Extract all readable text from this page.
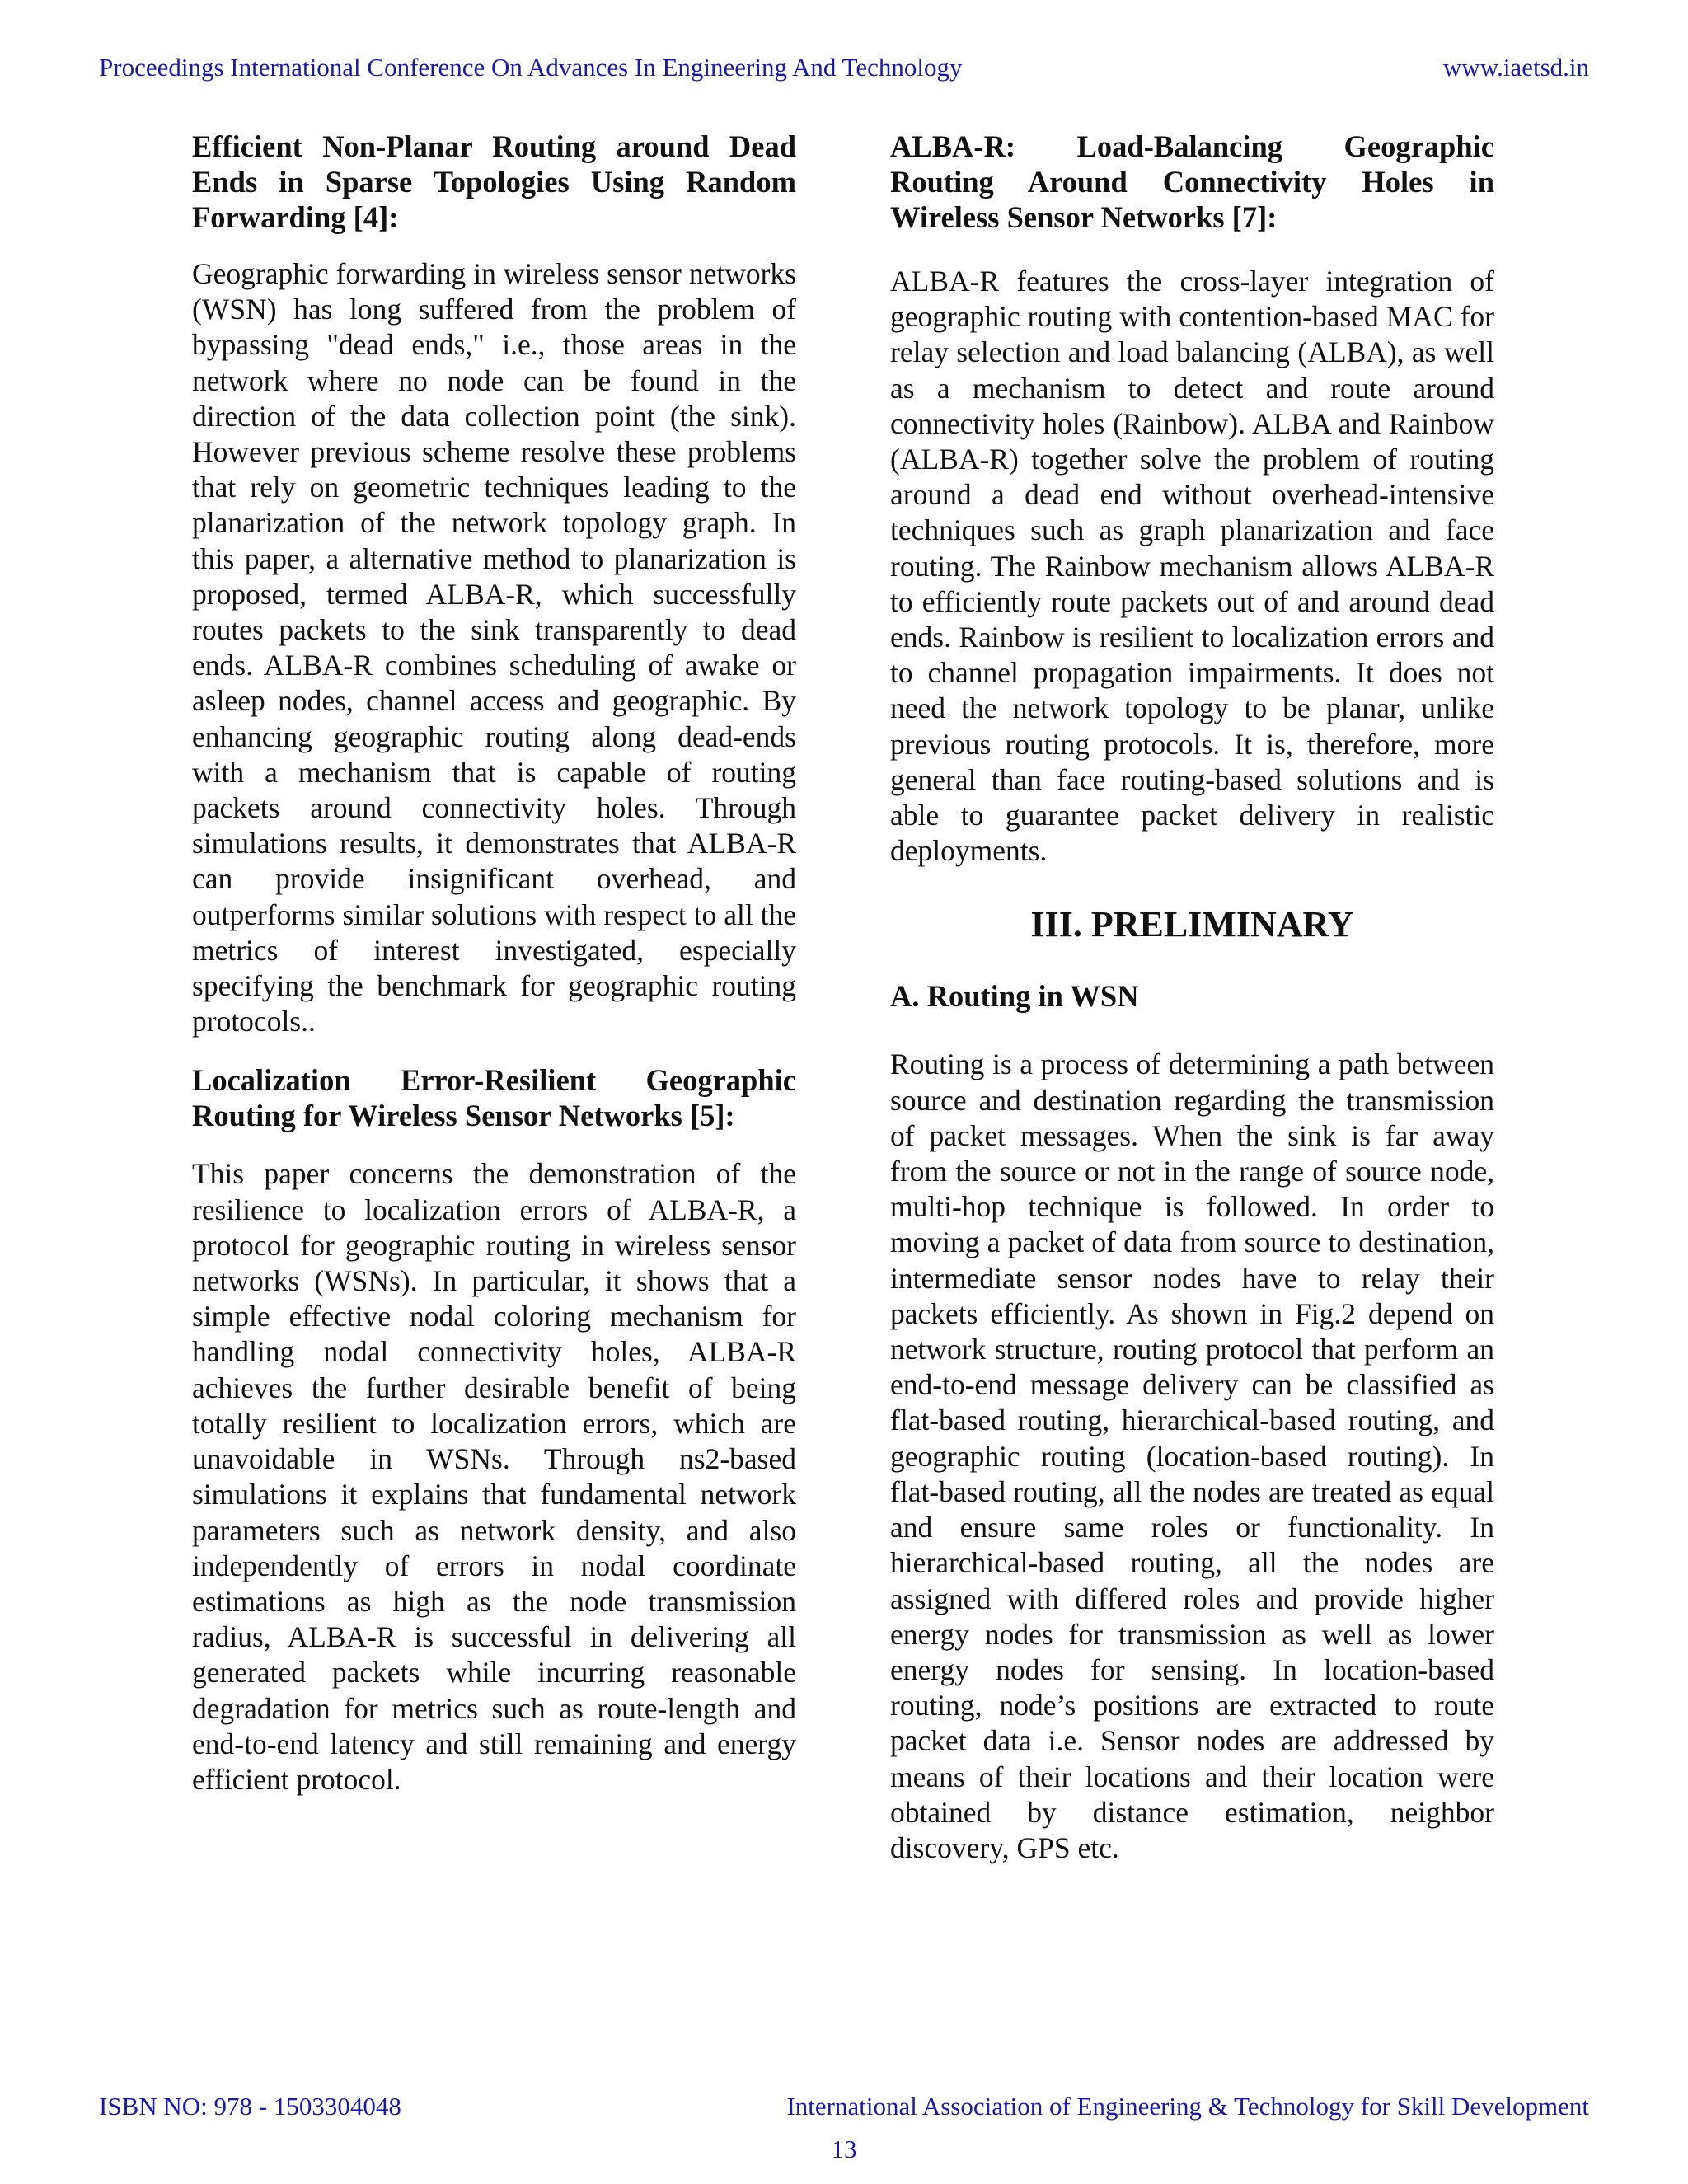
Proceedings International Conference On Advances In Engineering And Technology	www.iaetsd.in

Efficient Non-Planar Routing around Dead Ends in Sparse Topologies Using Random Forwarding [4]:

Geographic forwarding in wireless sensor networks (WSN) has long suffered from the problem of bypassing "dead ends," i.e., those areas in the network where no node can be found in the direction of the data collection point (the sink). However previous scheme resolve these problems that rely on geometric techniques leading to the planarization of the network topology graph. In this paper, a alternative method to planarization is proposed, termed ALBA-R, which successfully routes packets to the sink transparently to dead ends. ALBA-R combines scheduling of awake or asleep nodes, channel access and geographic. By enhancing geographic routing along dead-ends with a mechanism that is capable of routing packets around connectivity holes. Through simulations results, it demonstrates that ALBA-R can provide insignificant overhead, and outperforms similar solutions with respect to all the metrics of interest investigated, especially specifying the benchmark for geographic routing protocols..

Localization Error-Resilient Geographic Routing for Wireless Sensor Networks [5]:

This paper concerns the demonstration of the resilience to localization errors of ALBA-R, a protocol for geographic routing in wireless sensor networks (WSNs). In particular, it shows that a simple effective nodal coloring mechanism for handling nodal connectivity holes, ALBA-R achieves the further desirable benefit of being totally resilient to localization errors, which are unavoidable in WSNs. Through ns2-based simulations it explains that fundamental network parameters such as network density, and also independently of errors in nodal coordinate estimations as high as the node transmission radius, ALBA-R is successful in delivering all generated packets while incurring reasonable degradation for metrics such as route-length and end-to-end latency and still remaining and energy efficient protocol.

ALBA-R: Load-Balancing Geographic Routing Around Connectivity Holes in Wireless Sensor Networks [7]:

ALBA-R features the cross-layer integration of geographic routing with contention-based MAC for relay selection and load balancing (ALBA), as well as a mechanism to detect and route around connectivity holes (Rainbow). ALBA and Rainbow (ALBA-R) together solve the problem of routing around a dead end without overhead-intensive techniques such as graph planarization and face routing. The Rainbow mechanism allows ALBA-R to efficiently route packets out of and around dead ends. Rainbow is resilient to localization errors and to channel propagation impairments. It does not need the network topology to be planar, unlike previous routing protocols. It is, therefore, more general than face routing-based solutions and is able to guarantee packet delivery in realistic deployments.

III. PRELIMINARY

A. Routing in WSN

Routing is a process of determining a path between source and destination regarding the transmission of packet messages. When the sink is far away from the source or not in the range of source node, multi-hop technique is followed. In order to moving a packet of data from source to destination, intermediate sensor nodes have to relay their packets efficiently. As shown in Fig.2 depend on network structure, routing protocol that perform an end-to-end message delivery can be classified as flat-based routing, hierarchical-based routing, and geographic routing (location-based routing). In flat-based routing, all the nodes are treated as equal and ensure same roles or functionality. In hierarchical-based routing, all the nodes are assigned with differed roles and provide higher energy nodes for transmission as well as lower energy nodes for sensing. In location-based routing, node’s positions are extracted to route packet data i.e. Sensor nodes are addressed by means of their locations and their location were obtained by distance estimation, neighbor discovery, GPS etc.

ISBN NO: 978 - 1503304048	International Association of Engineering & Technology for Skill Development
13
